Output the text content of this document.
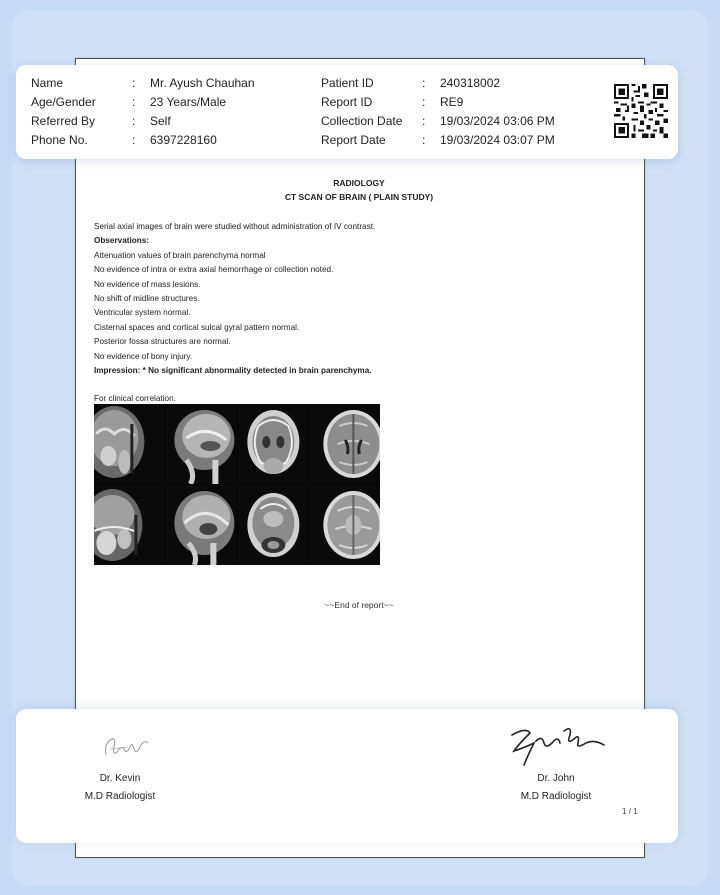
Name	: Mr. Ayush Chauhan
Age/Gender	: 23 Years/Male
Referred By	: Self
Phone No.	: 6397228160
Patient ID	: 240318002
Report ID	: RE9
Collection Date : 19/03/2024 03:06 PM
Report Date	: 19/03/2024 03:07 PM
RADIOLOGY
CT SCAN OF BRAIN ( PLAIN STUDY)
Serial axial images of brain were studied without administration of IV contrast.
Observations:
Attenuation values of brain parenchyma normal
No evidence of intra or extra axial hemorrhage or collection noted.
No evidence of mass lesions.
No shift of midline structures.
Ventricular system normal.
Cisternal spaces and cortical sulcal gyral pattern normal.
Posterior fossa structures are normal.
No evidence of bony injury.
Impression: * No significant abnormality detected in brain parenchyma.
For clinical correlation.
~~End of report~~
Dr. Kevin
M.D Radiologist
Dr. John
M.D Radiologist
1 / 1
